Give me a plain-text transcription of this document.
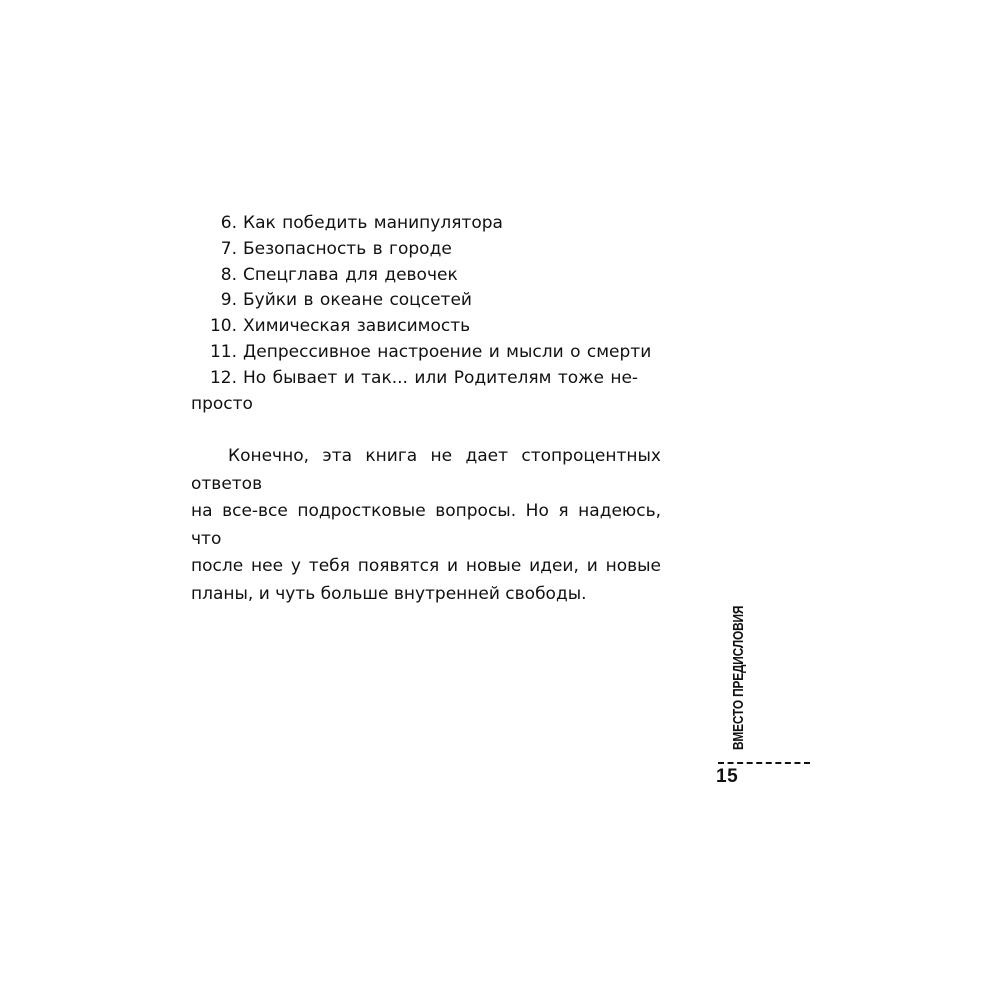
6. Как победить манипулятора
7. Безопасность в городе
8. Спецглава для девочек
9. Буйки в океане соцсетей
10. Химическая зависимость
11. Депрессивное настроение и мысли о смерти
12. Но бывает и так... или Родителям тоже не-
просто
Конечно, эта книга не дает стопроцентных ответов
на все-все подростковые вопросы. Но я надеюсь, что
после нее у тебя появятся и новые идеи, и новые
планы, и чуть больше внутренней свободы.
ВМЕСТО ПРЕДИСЛОВИЯ
15
